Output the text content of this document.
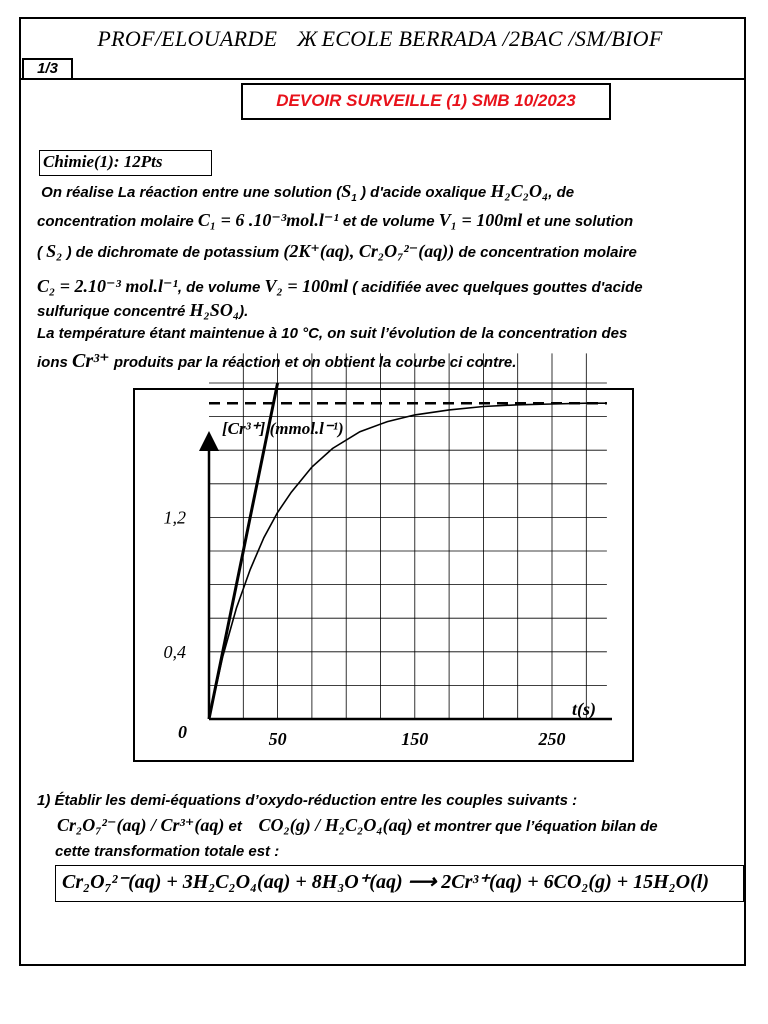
PROF/ELOUARDE Ж ECOLE BERRADA /2BAC /SM/BIOF
1/3
DEVOIR SURVEILLE (1) SMB 10/2023
Chimie(1): 12Pts
On réalise La réaction entre une solution ($S_1$ ) d'acide oxalique H₂C₂O₄, de
concentration molaire C₁ = 6 .10⁻³mol.l⁻¹ et de volume V₁ = 100ml et une solution
( S₂ ) de dichromate de potassium (2K⁺(aq), Cr₂O₇²⁻(aq)) de concentration molaire
C₂ = 2.10⁻³ mol.l⁻¹, de volume V₂ = 100ml ( acidifiée avec quelques gouttes d'acide
sulfurique concentré H₂SO₄).
La température étant maintenue à 10 °C, on suit l’évolution de la concentration des
ions Cr³⁺ produits par la réaction et on obtient la courbe ci contre.
[Cr³⁺] (mmol.l⁻¹)
t(s)
0	50	150	250
0,4
1,2
1) Établir les demi-équations d’oxydo-réduction entre les couples suivants :
Cr₂O₇²⁻(aq) / Cr³⁺(aq) et CO₂(g) / H₂C₂O₄(aq) et montrer que l’équation bilan de
cette transformation totale est :
Cr₂O₇²⁻(aq) + 3H₂C₂O₄(aq) + 8H₃O⁺(aq) ⟶ 2Cr³⁺(aq) + 6CO₂(g) + 15H₂O(l)
